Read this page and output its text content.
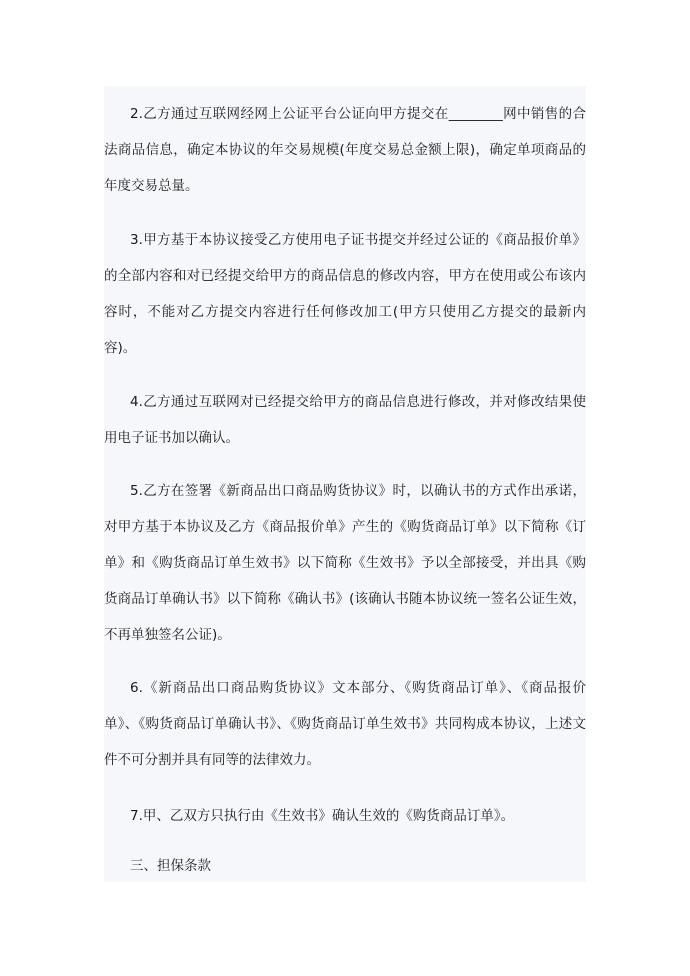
2.乙方通过互联网经网上公证平台公证向甲方提交在________网中销售的合法商品信息，确定本协议的年交易规模(年度交易总金额上限)，确定单项商品的年度交易总量。

3.甲方基于本协议接受乙方使用电子证书提交并经过公证的《商品报价单》的全部内容和对已经提交给甲方的商品信息的修改内容，甲方在使用或公布该内容时，不能对乙方提交内容进行任何修改加工(甲方只使用乙方提交的最新内容)。

4.乙方通过互联网对已经提交给甲方的商品信息进行修改，并对修改结果使用电子证书加以确认。

5.乙方在签署《新商品出口商品购货协议》时，以确认书的方式作出承诺，对甲方基于本协议及乙方《商品报价单》产生的《购货商品订单》以下简称《订单》和《购货商品订单生效书》以下简称《生效书》予以全部接受，并出具《购货商品订单确认书》以下简称《确认书》(该确认书随本协议统一签名公证生效，不再单独签名公证)。

6.《新商品出口商品购货协议》文本部分、《购货商品订单》、《商品报价单》、《购货商品订单确认书》、《购货商品订单生效书》共同构成本协议，上述文件不可分割并具有同等的法律效力。

7.甲、乙双方只执行由《生效书》确认生效的《购货商品订单》。

三、担保条款
